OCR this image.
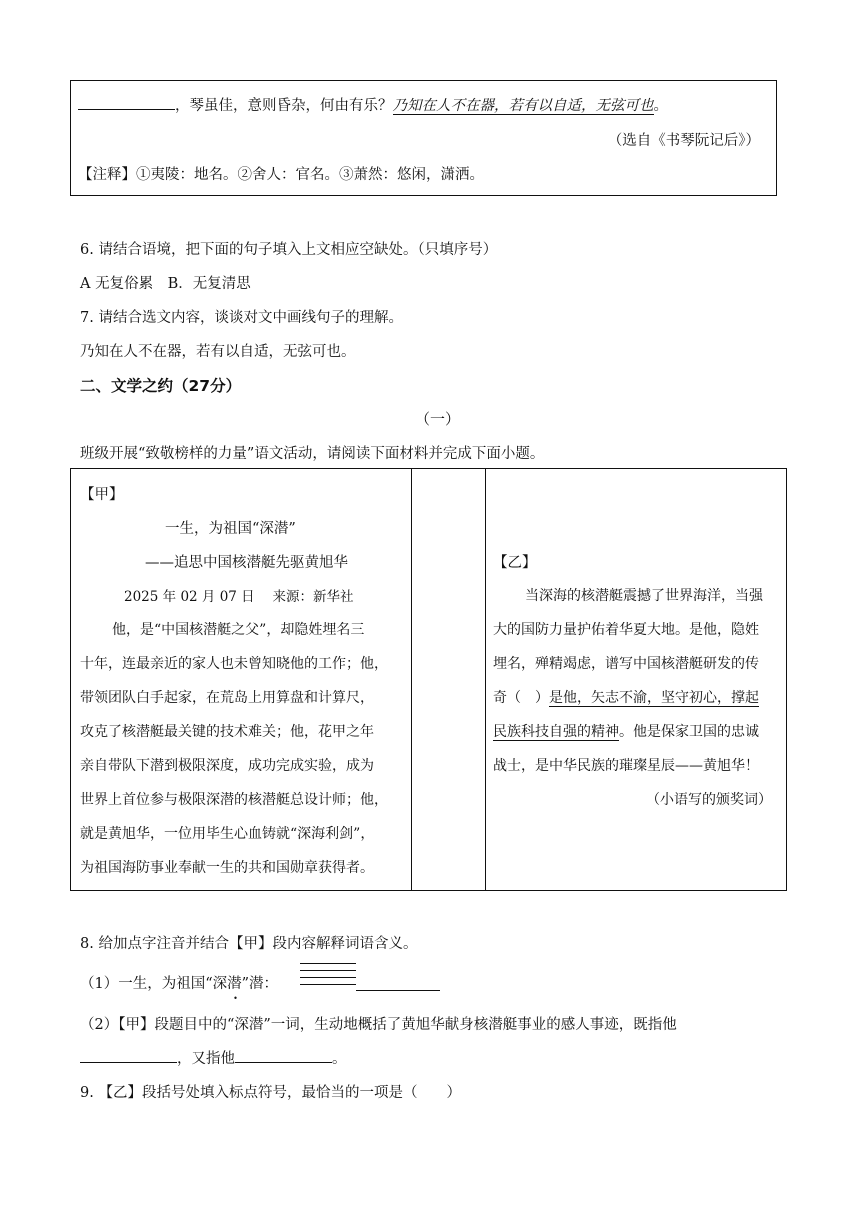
，琴虽佳，意则昏杂，何由有乐？乃知在人不在器，若有以自适，无弦可也。
（选自《书琴阮记后》）
【注释】①夷陵：地名。②舍人：官名。③萧然：悠闲，潇洒。
6. 请结合语境，把下面的句子填入上文相应空缺处。（只填序号）
A 无复俗累　B．无复清思
7. 请结合选文内容，谈谈对文中画线句子的理解。
乃知在人不在器，若有以自适，无弦可也。
二、文学之约（27分）
（一）
班级开展“致敬榜样的力量”语文活动，请阅读下面材料并完成下面小题。
【甲】
一生，为祖国“深潜”
——追思中国核潜艇先驱黄旭华
2025 年 02 月 07 日　 来源：新华社
他，是“中国核潜艇之父”，却隐姓埋名三
十年，连最亲近的家人也未曾知晓他的工作；他，
带领团队白手起家，在荒岛上用算盘和计算尺，
攻克了核潜艇最关键的技术难关；他，花甲之年
亲自带队下潜到极限深度，成功完成实验，成为
世界上首位参与极限深潜的核潜艇总设计师；他，
就是黄旭华，一位用毕生心血铸就“深海利剑”，
为祖国海防事业奉献一生的共和国勋章获得者。
【乙】
当深海的核潜艇震撼了世界海洋，当强
大的国防力量护佑着华夏大地。是他，隐姓
埋名，殚精竭虑，谱写中国核潜艇研发的传
奇（　）是他，矢志不渝，坚守初心，撑起
民族科技自强的精神。他是保家卫国的忠诚
战士，是中华民族的璀璨星辰——黄旭华！
（小语写的颁奖词）
8. 给加点字注音并结合【甲】段内容解释词语含义。
（1）一生，为祖国“深潜
•
”潜：
（2）【甲】段题目中的“深潜”一词，生动地概括了黄旭华献身核潜艇事业的感人事迹，既指他
，又指他	。
9. 【乙】段括号处填入标点符号，最恰当的一项是（　　）
